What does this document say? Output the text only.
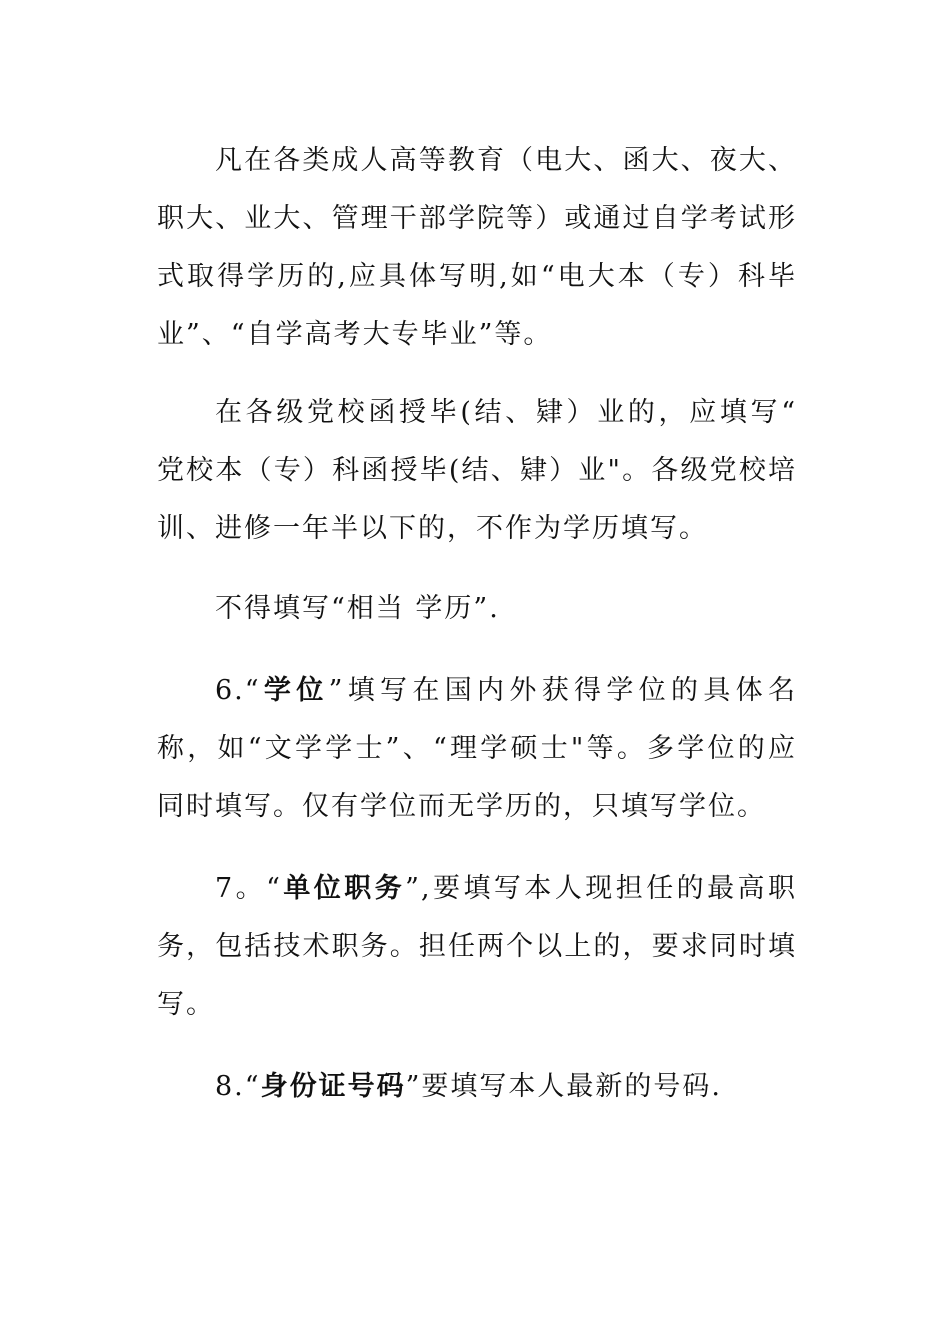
凡在各类成人高等教育（电大、函大、夜大、职大、业大、管理干部学院等）或通过自学考试形式取得学历的,应具体写明,如“电大本（专）科毕业”、“自学高考大专毕业”等。

在各级党校函授毕(结、肄）业的，应填写“ 党校本（专）科函授毕(结、肄）业"。各级党校培训、进修一年半以下的，不作为学历填写。

不得填写“相当 学历”.

6.“学位”填写在国内外获得学位的具体名称，如“文学学士”、“理学硕士"等。多学位的应同时填写。仅有学位而无学历的，只填写学位。

7。“单位职务”,要填写本人现担任的最高职务，包括技术职务。担任两个以上的，要求同时填写。

8.“身份证号码”要填写本人最新的号码.
